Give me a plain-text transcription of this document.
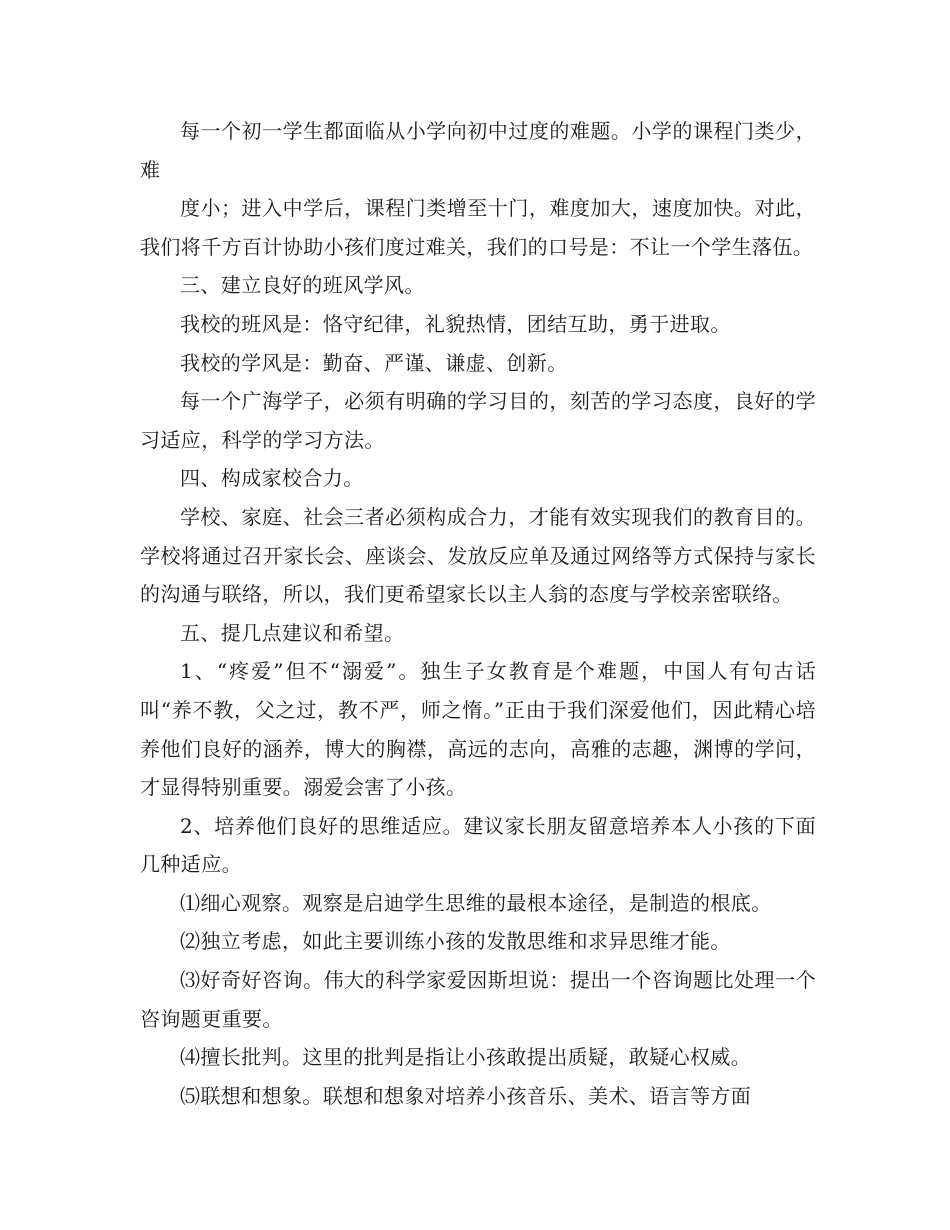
每一个初一学生都面临从小学向初中过度的难题。小学的课程门类少，难

度小；进入中学后，课程门类增至十门，难度加大，速度加快。对此，我们将千方百计协助小孩们度过难关，我们的口号是：不让一个学生落伍。

三、建立良好的班风学风。

我校的班风是：恪守纪律，礼貌热情，团结互助，勇于进取。

我校的学风是：勤奋、严谨、谦虚、创新。

每一个广海学子，必须有明确的学习目的，刻苦的学习态度，良好的学习适应，科学的学习方法。

四、构成家校合力。

学校、家庭、社会三者必须构成合力，才能有效实现我们的教育目的。学校将通过召开家长会、座谈会、发放反应单及通过网络等方式保持与家长的沟通与联络，所以，我们更希望家长以主人翁的态度与学校亲密联络。

五、提几点建议和希望。

1、“疼爱”但不“溺爱”。独生子女教育是个难题，中国人有句古话叫“养不教，父之过，教不严，师之惰。”正由于我们深爱他们，因此精心培养他们良好的涵养，博大的胸襟，高远的志向，高雅的志趣，渊博的学问，才显得特别重要。溺爱会害了小孩。

2、培养他们良好的思维适应。建议家长朋友留意培养本人小孩的下面几种适应。

⑴细心观察。观察是启迪学生思维的最根本途径，是制造的根底。

⑵独立考虑，如此主要训练小孩的发散思维和求异思维才能。

⑶好奇好咨询。伟大的科学家爱因斯坦说：提出一个咨询题比处理一个咨询题更重要。

⑷擅长批判。这里的批判是指让小孩敢提出质疑，敢疑心权威。

⑸联想和想象。联想和想象对培养小孩音乐、美术、语言等方面
